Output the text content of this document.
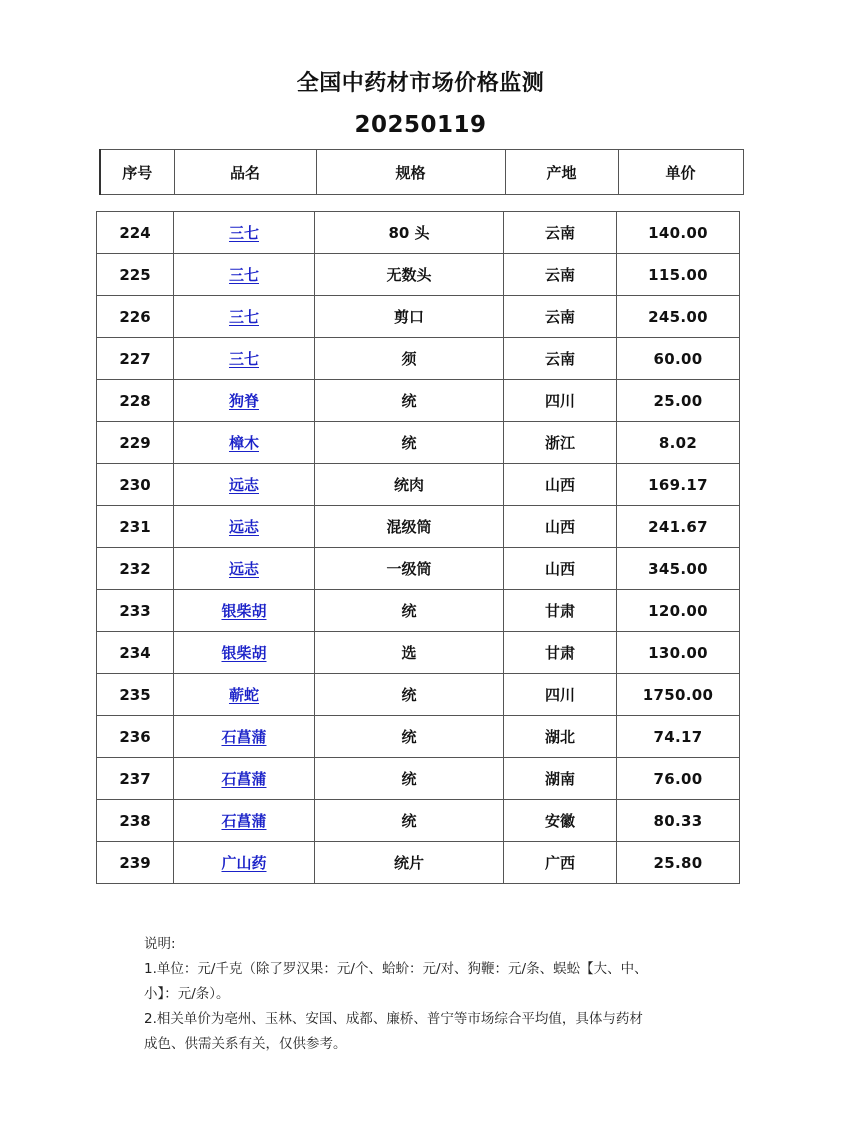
全国中药材市场价格监测
20250119
序号	品名	规格	产地	单价
224	三七	80 头	云南	140.00
225	三七	无数头	云南	115.00
226	三七	剪口	云南	245.00
227	三七	须	云南	60.00
228	狗脊	统	四川	25.00
229	樟木	统	浙江	8.02
230	远志	统肉	山西	169.17
231	远志	混级筒	山西	241.67
232	远志	一级筒	山西	345.00
233	银柴胡	统	甘肃	120.00
234	银柴胡	选	甘肃	130.00
235	蕲蛇	统	四川	1750.00
236	石菖蒲	统	湖北	74.17
237	石菖蒲	统	湖南	76.00
238	石菖蒲	统	安徽	80.33
239	广山药	统片	广西	25.80
说明:
1.单位：元/千克（除了罗汉果：元/个、蛤蚧：元/对、狗鞭：元/条、蜈蚣【大、中、
小】：元/条）。
2.相关单价为亳州、玉林、安国、成都、廉桥、普宁等市场综合平均值，具体与药材
成色、供需关系有关，仅供参考。
